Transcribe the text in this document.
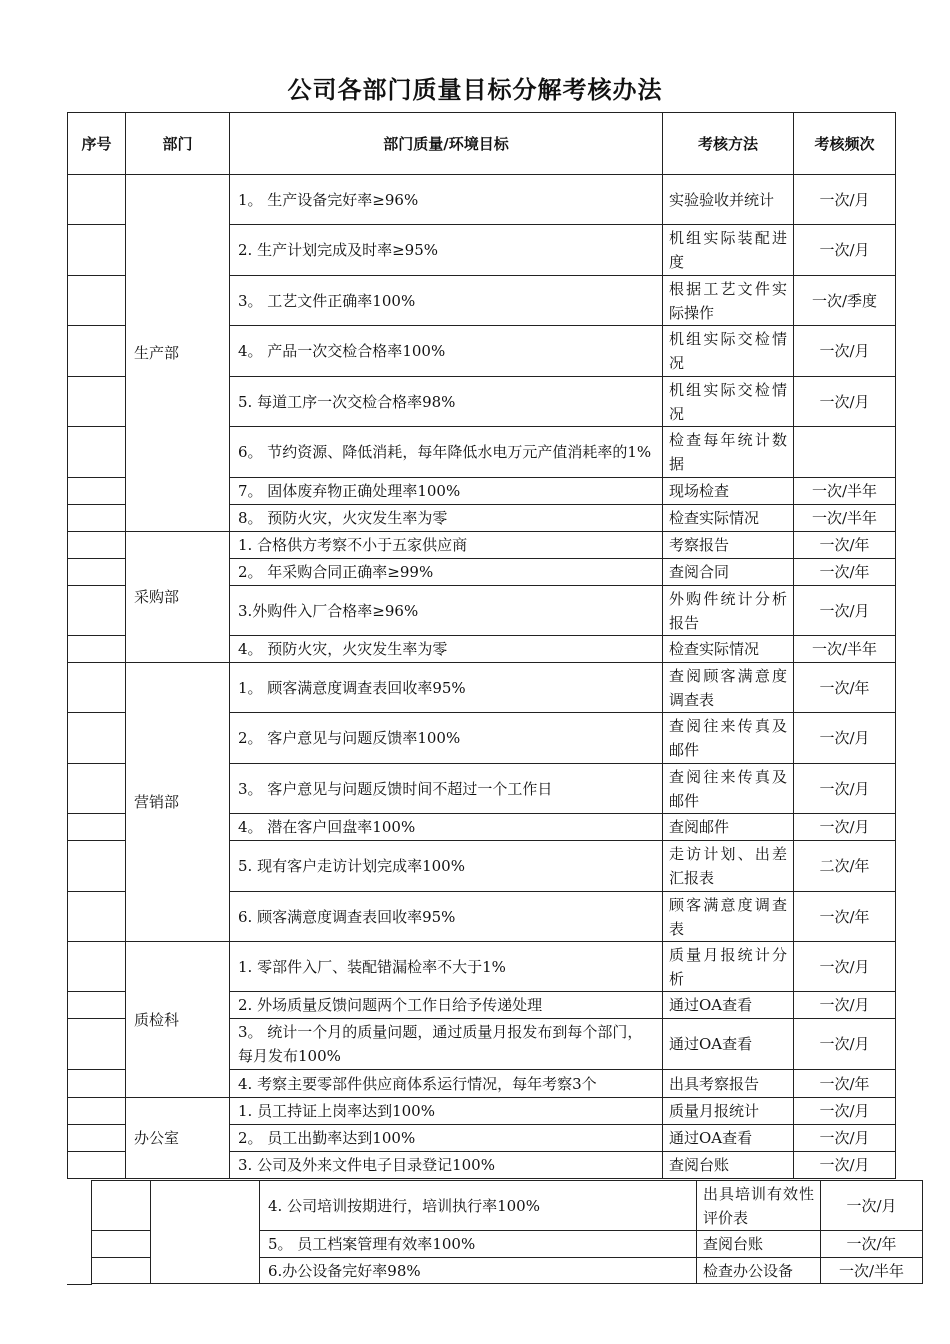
公司各部门质量目标分解考核办法
序号	部门	部门质量/环境目标	考核方法	考核频次
	生产部	1。 生产设备完好率≥96%	实验验收并统计	一次/月
		2. 生产计划完成及时率≥95%	机组实际装配进度	一次/月
		3。 工艺文件正确率100%	根据工艺文件实际操作	一次/季度
		4。 产品一次交检合格率100%	机组实际交检情况	一次/月
		5. 每道工序一次交检合格率98%	机组实际交检情况	一次/月
		6。 节约资源、降低消耗，每年降低水电万元产值消耗率的1%	检查每年统计数据	
		7。 固体废弃物正确处理率100%	现场检查	一次/半年
		8。 预防火灾，火灾发生率为零	检查实际情况	一次/半年
	采购部	1. 合格供方考察不小于五家供应商	考察报告	一次/年
		2。 年采购合同正确率≥99%	查阅合同	一次/年
		3.外购件入厂合格率≥96%	外购件统计分析报告	一次/月
		4。 预防火灾，火灾发生率为零	检查实际情况	一次/半年
	营销部	1。 顾客满意度调查表回收率95%	查阅顾客满意度调查表	一次/年
		2。 客户意见与问题反馈率100%	查阅往来传真及邮件	一次/月
		3。 客户意见与问题反馈时间不超过一个工作日	查阅往来传真及邮件	一次/月
		4。 潜在客户回盘率100%	查阅邮件	一次/月
		5. 现有客户走访计划完成率100%	走访计划、出差汇报表	二次/年
		6. 顾客满意度调查表回收率95%	顾客满意度调查表	一次/年
	质检科	1. 零部件入厂、装配错漏检率不大于1%	质量月报统计分析	一次/月
		2. 外场质量反馈问题两个工作日给予传递处理	通过OA查看	一次/月
		3。 统计一个月的质量问题，通过质量月报发布到每个部门，每月发布100%	通过OA查看	一次/月
		4. 考察主要零部件供应商体系运行情况，每年考察3个	出具考察报告	一次/年
	办公室	1. 员工持证上岗率达到100%	质量月报统计	一次/月
		2。 员工出勤率达到100%	通过OA查看	一次/月
		3. 公司及外来文件电子目录登记100%	查阅台账	一次/月
		4. 公司培训按期进行，培训执行率100%	出具培训有效性评价表	一次/月
		5。 员工档案管理有效率100%	查阅台账	一次/年
		6.办公设备完好率98%	检查办公设备	一次/半年
